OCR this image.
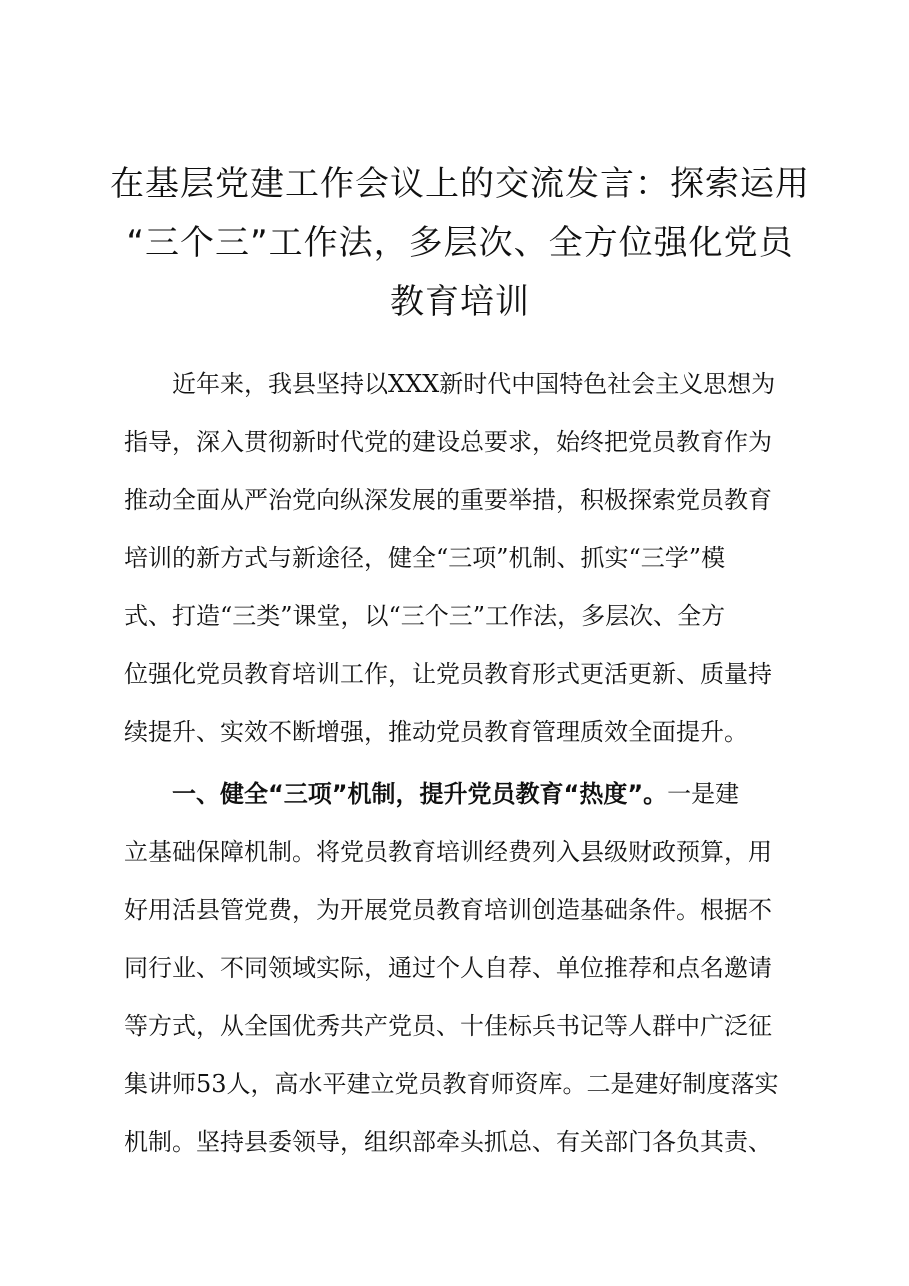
在基层党建工作会议上的交流发言：探索运用
“三个三”工作法，多层次、全方位强化党员
教育培训
近年来，我县坚持以XXX新时代中国特色社会主义思想为
指导，深入贯彻新时代党的建设总要求，始终把党员教育作为
推动全面从严治党向纵深发展的重要举措，积极探索党员教育
培训的新方式与新途径，健全“三项”机制、抓实“三学”模
式、打造“三类”课堂，以“三个三”工作法，多层次、全方
位强化党员教育培训工作，让党员教育形式更活更新、质量持
续提升、实效不断增强，推动党员教育管理质效全面提升。
一、健全“三项”机制，提升党员教育“热度”。一是建
立基础保障机制。将党员教育培训经费列入县级财政预算，用
好用活县管党费，为开展党员教育培训创造基础条件。根据不
同行业、不同领域实际，通过个人自荐、单位推荐和点名邀请
等方式，从全国优秀共产党员、十佳标兵书记等人群中广泛征
集讲师53人，高水平建立党员教育师资库。二是建好制度落实
机制。坚持县委领导，组织部牵头抓总、有关部门各负其责、
